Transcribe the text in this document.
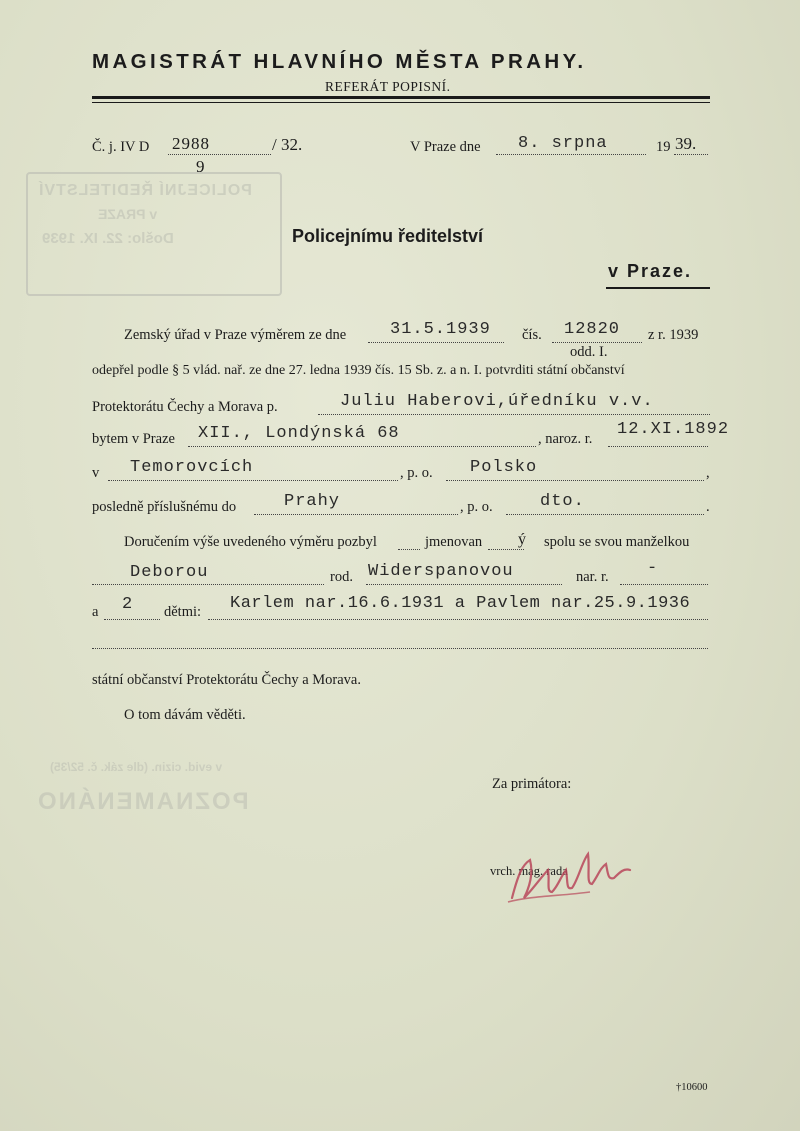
MAGISTRÁT HLAVNÍHO MĚSTA PRAHY.
REFERÁT POPISNÍ.
Č. j. IV D 2988
9
/ 32.	V Praze dne 8. srpna	19 39.
POLICEJNÍ ŘEDITELSTVÍ
v PRAZE
Došlo: 22. IX. 1939	Policejnímu ředitelství
v Praze.
Zemský úřad v Praze výměrem ze dne	31.5.1939 čís. 12820 z r. 1939
odd. I.
odepřel podle § 5 vlád. nař. ze dne 27. ledna 1939 čís. 15 Sb. z. a n. I. potvrditi státní občanství
Protektorátu Čechy a Morava p.	Juliu Haberovi,úředníku v.v.
bytem v Praze XII., Londýnská 68	, naroz. r. 12.XI.1892
v Temorovcích	, p. o. Polsko	,
posledně příslušnému do	Prahy	, p. o.	dto.	.
Doručením výše uvedeného výměru pozbyl	jmenovan ý spolu se svou manželkou
Deborou	rod. Widerspanovou	nar. r. -
a 2 dětmi: Karlem nar.16.6.1931 a Pavlem nar.25.9.1936
státní občanství Protektorátu Čechy a Morava.
O tom dávám věděti.
POZNAMENÁNO
v evid. cizin. (dle zák. č. 52/35)
Za primátora:
vrch. mag. rada
†10600
